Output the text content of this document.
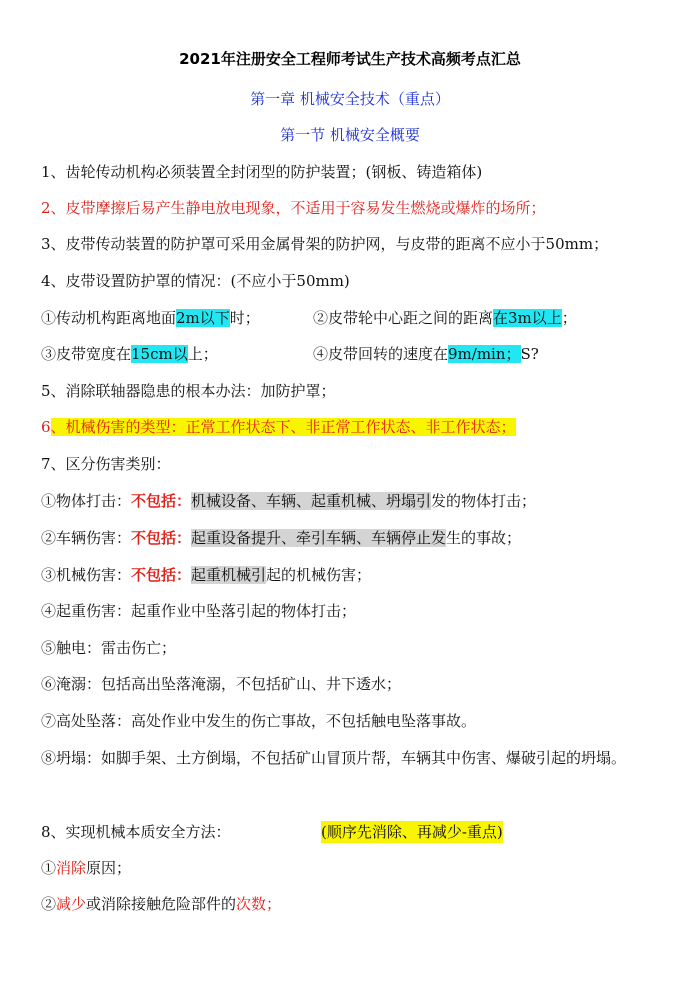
2021年注册安全工程师考试生产技术高频考点汇总
第一章 机械安全技术（重点）
第一节 机械安全概要
1、齿轮传动机构必须装置全封闭型的防护装置；(钢板、铸造箱体)
2、皮带摩擦后易产生静电放电现象，不适用于容易发生燃烧或爆炸的场所；
3、皮带传动装置的防护罩可采用金属骨架的防护网，与皮带的距离不应小于50mm；
4、皮带设置防护罩的情况：(不应小于50mm)
①传动机构距离地面2m以下时；	②皮带轮中心距之间的距离在3m以上；
③皮带宽度在15cm以上；	④皮带回转的速度在9m/min；S?
5、消除联轴器隐患的根本办法：加防护罩；
6、机械伤害的类型：正常工作状态下、非正常工作状态、非工作状态；
7、区分伤害类别：
①物体打击：不包括：机械设备、车辆、起重机械、坍塌引发的物体打击；
②车辆伤害：不包括：起重设备提升、牵引车辆、车辆停止发生的事故；
③机械伤害：不包括：起重机械引起的机械伤害；
④起重伤害：起重作业中坠落引起的物体打击；
⑤触电：雷击伤亡；
⑥淹溺：包括高出坠落淹溺，不包括矿山、井下透水；
⑦高处坠落：高处作业中发生的伤亡事故，不包括触电坠落事故。
⑧坍塌：如脚手架、土方倒塌，不包括矿山冒顶片帮，车辆其中伤害、爆破引起的坍塌。
8、实现机械本质安全方法：	(顺序先消除、再减少-重点)
①消除原因；
②减少或消除接触危险部件的次数；
